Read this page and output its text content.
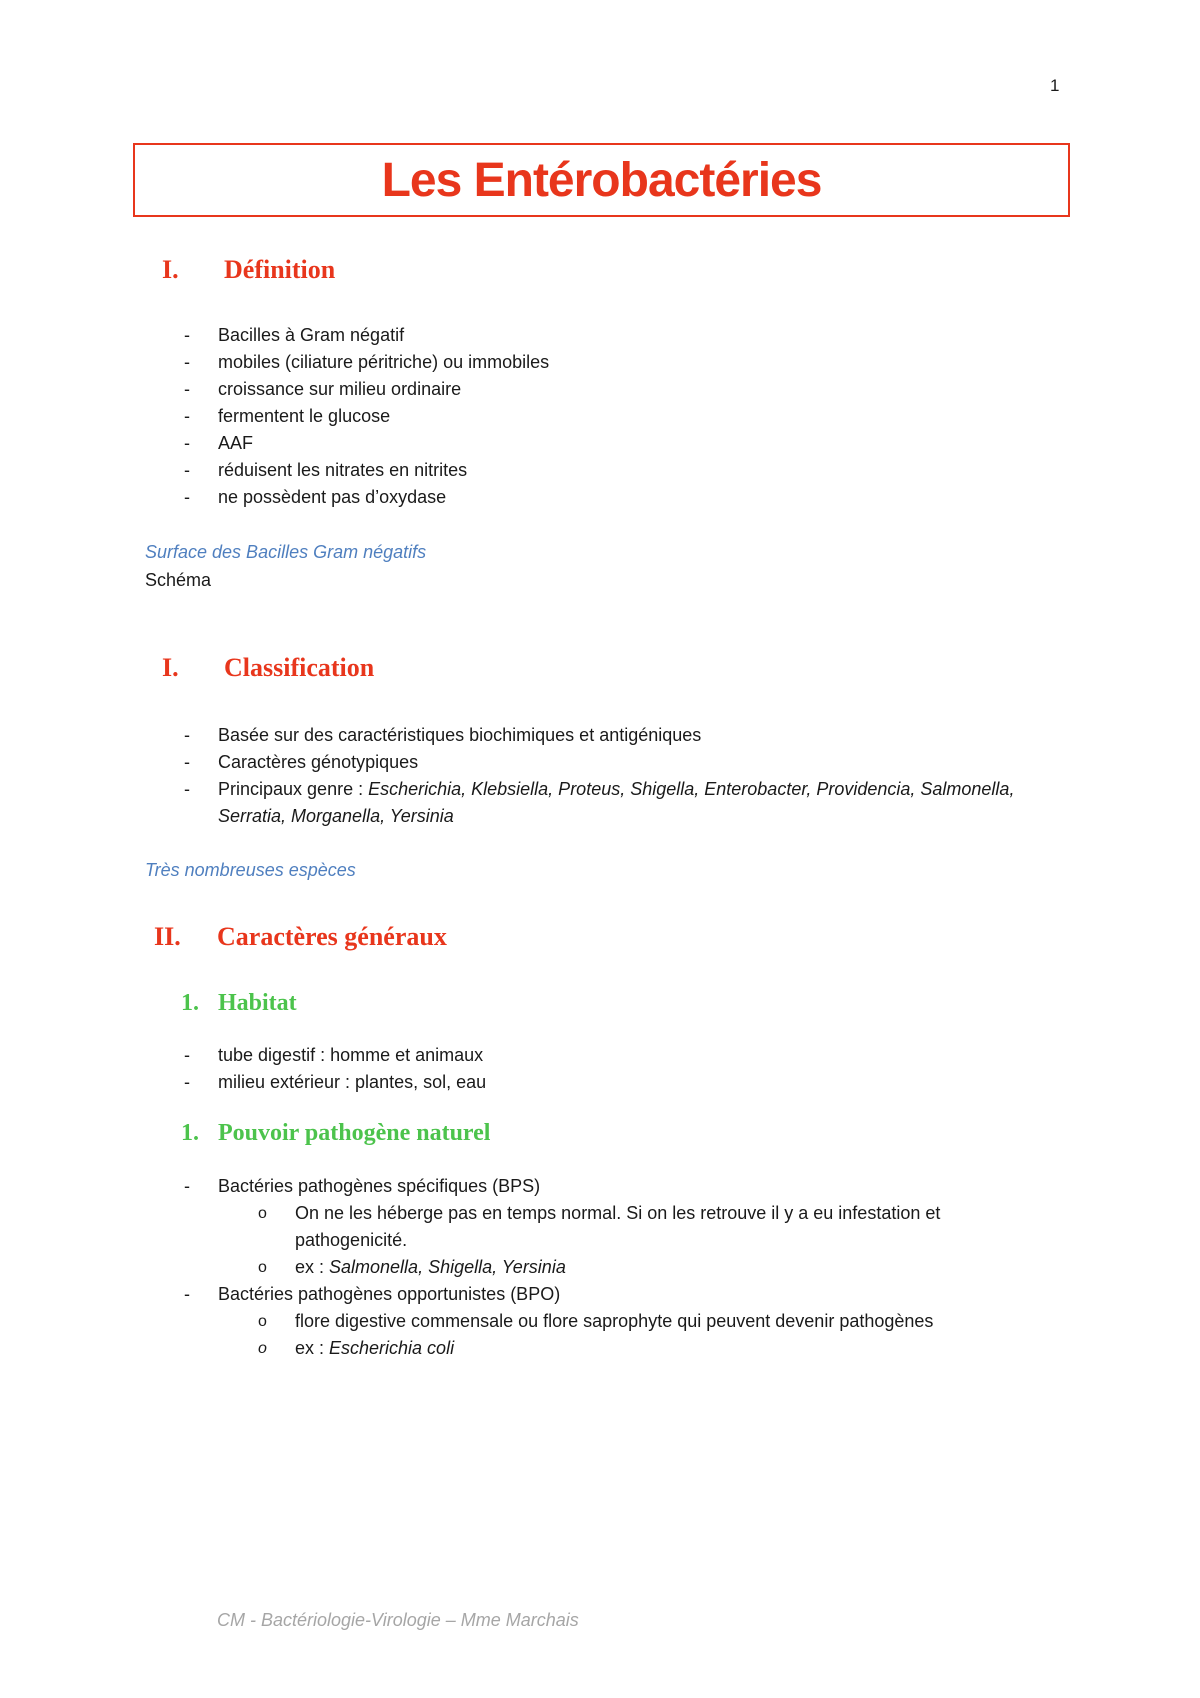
1
Les Entérobactéries
I.	Définition
- Bacilles à Gram négatif
- mobiles (ciliature péritriche) ou immobiles
- croissance sur milieu ordinaire
- fermentent le glucose
- AAF
- réduisent les nitrates en nitrites
- ne possèdent pas d’oxydase
Surface des Bacilles Gram négatifs
Schéma
I.	Classification
- Basée sur des caractéristiques biochimiques et antigéniques
- Caractères génotypiques
- Principaux genre : Escherichia, Klebsiella, Proteus, Shigella, Enterobacter, Providencia, Salmonella, Serratia, Morganella, Yersinia
Très nombreuses espèces
II.	Caractères généraux
1. Habitat
- tube digestif : homme et animaux
- milieu extérieur : plantes, sol, eau
1. Pouvoir pathogène naturel
- Bactéries pathogènes spécifiques (BPS)
o On ne les héberge pas en temps normal. Si on les retrouve il y a eu infestation et pathogenicité.
o ex : Salmonella, Shigella, Yersinia
- Bactéries pathogènes opportunistes (BPO)
o flore digestive commensale ou flore saprophyte qui peuvent devenir pathogènes
o ex : Escherichia coli
CM - Bactériologie-Virologie – Mme Marchais
